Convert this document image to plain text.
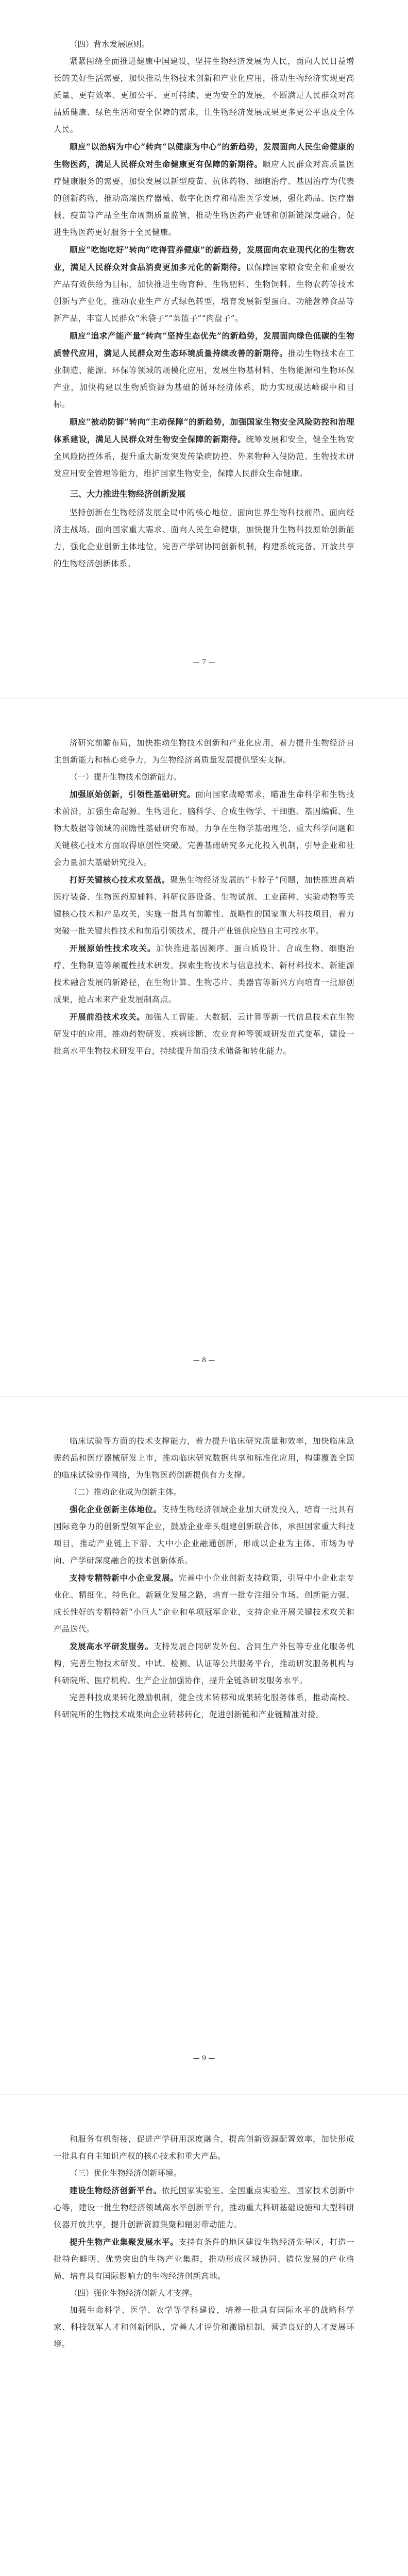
（四）背水发展原则。

紧紧围绕全面推进健康中国建设，坚持生物经济发展为人民，面向人民日益增长的美好生活需要，加快推动生物技术创新和产业化应用，推动生物经济实现更高质量、更有效率、更加公平、更可持续、更为安全的发展，不断满足人民群众对高品质健康、绿色生活和安全保障的需求，让生物经济发展成果更多更公平惠及全体人民。

顺应“以治病为中心”转向“以健康为中心”的新趋势，发展面向人民生命健康的生物医药，满足人民群众对生命健康更有保障的新期待。顺应人民群众对高质量医疗健康服务的需要，加快发展以新型疫苗、抗体药物、细胞治疗、基因治疗为代表的创新药物，推动高端医疗器械、数字化医疗和精准医学发展，强化药品、医疗器械、疫苗等产品全生命周期质量监管，推动生物医药产业链和创新链深度融合，促进生物医药更好服务于全民健康。

顺应“吃饱吃好”转向“吃得营养健康”的新趋势，发展面向农业现代化的生物农业，满足人民群众对食品消费更加多元化的新期待。以保障国家粮食安全和重要农产品有效供给为目标，加快推进生物育种、生物肥料、生物饲料、生物农药等技术创新与产业化，推动农业生产方式绿色转型，培育发展新型蛋白、功能营养食品等新产品，丰富人民群众“米袋子”“菜篮子”“肉盘子”。

顺应“追求产能产量”转向“坚持生态优先”的新趋势，发展面向绿色低碳的生物质替代应用，满足人民群众对生态环境质量持续改善的新期待。推动生物技术在工业制造、能源、环保等领域的规模化应用，发展生物基材料、生物能源和生物环保产业，加快构建以生物质资源为基础的循环经济体系，助力实现碳达峰碳中和目标。

顺应“被动防御”转向“主动保障”的新趋势，加强国家生物安全风险防控和治理体系建设，满足人民群众对生物安全保障的新期待。统筹发展和安全，健全生物安全风险防控体系，提升重大新发突发传染病防控、外来物种入侵防范、生物技术研发应用安全管理等能力，维护国家生物安全，保障人民群众生命健康。

三、大力推进生物经济创新发展

坚持创新在生物经济发展全局中的核心地位，面向世界生物科技前沿、面向经济主战场、面向国家重大需求、面向人民生命健康，加快提升生物科技原始创新能力，强化企业创新主体地位，完善产学研协同创新机制，构建系统完备、开放共享的生物经济创新体系。

— 7 —

济研究前瞻布局，加快推动生物技术创新和产业化应用，着力提升生物经济自主创新能力和核心竞争力，为生物经济高质量发展提供坚实支撑。

（一）提升生物技术创新能力。

加强原始创新，引领性基础研究。面向国家战略需求，瞄准生命科学和生物技术前沿，加强生命起源、生物进化、脑科学、合成生物学、干细胞、基因编辑、生物大数据等领域的前瞻性基础研究布局，力争在生物学基础理论、重大科学问题和关键核心技术方面取得原创性突破。完善基础研究多元化投入机制，引导企业和社会力量加大基础研究投入。

打好关键核心技术攻坚战。聚焦生物经济发展的“卡脖子”问题，加快推进高端医疗装备、生物医药原辅料、科研仪器设备、生物试剂、工业菌种、实验动物等关键核心技术和产品攻关，实施一批具有前瞻性、战略性的国家重大科技项目，着力突破一批关键共性技术和前沿引领技术，提升产业链供应链自主可控水平。

开展原始性技术攻关。加快推进基因测序、蛋白质设计、合成生物、细胞治疗、生物制造等颠覆性技术研发，探索生物技术与信息技术、新材料技术、新能源技术融合发展的新路径，在生物计算、生物芯片、类器官等新兴方向培育一批原创成果，抢占未来产业发展制高点。

开展前沿技术攻关。加强人工智能、大数据、云计算等新一代信息技术在生物研发中的应用，推动药物研发、疾病诊断、农业育种等领域研发范式变革，建设一批高水平生物技术研发平台，持续提升前沿技术储备和转化能力。

— 8 —

临床试验等方面的技术支撑能力，着力提升临床研究质量和效率，加快临床急需药品和医疗器械研发上市，推动临床研究数据共享和标准化应用，构建覆盖全国的临床试验协作网络，为生物医药创新提供有力支撑。

（二）推动企业成为创新主体。

强化企业创新主体地位。支持生物经济领域企业加大研发投入，培育一批具有国际竞争力的创新型领军企业，鼓励企业牵头组建创新联合体，承担国家重大科技项目，推动产业链上下游、大中小企业融通创新，形成以企业为主体、市场为导向、产学研深度融合的技术创新体系。

支持专精特新中小企业发展。完善中小企业创新支持政策，引导中小企业走专业化、精细化、特色化、新颖化发展之路，培育一批专注细分市场、创新能力强、成长性好的专精特新“小巨人”企业和单项冠军企业，支持企业开展关键技术攻关和产品迭代。

发展高水平研发服务。支持发展合同研发外包、合同生产外包等专业化服务机构，完善生物技术研发、中试、检测、认证等公共服务平台，推动研发服务机构与科研院所、医疗机构、生产企业加强协作，提升全链条研发服务水平。

完善科技成果转化激励机制，健全技术转移和成果转化服务体系，推动高校、科研院所的生物技术成果向企业转移转化，促进创新链和产业链精准对接。

— 9 —

和服务有机衔接，促进产学研用深度融合，提高创新资源配置效率，加快形成一批具有自主知识产权的核心技术和重大产品。

（三）优化生物经济创新环境。

建设生物经济创新平台。依托国家实验室、全国重点实验室、国家技术创新中心等，建设一批生物经济领域高水平创新平台，推动重大科研基础设施和大型科研仪器开放共享，提升创新资源集聚和辐射带动能力。

提升生物产业集聚发展水平。支持有条件的地区建设生物经济先导区，打造一批特色鲜明、优势突出的生物产业集群，推动形成区域协同、错位发展的产业格局，培育具有国际影响力的生物经济创新高地。

（四）强化生物经济创新人才支撑。

加强生命科学、医学、农学等学科建设，培养一批具有国际水平的战略科学家、科技领军人才和创新团队，完善人才评价和激励机制，营造良好的人才发展环境。
